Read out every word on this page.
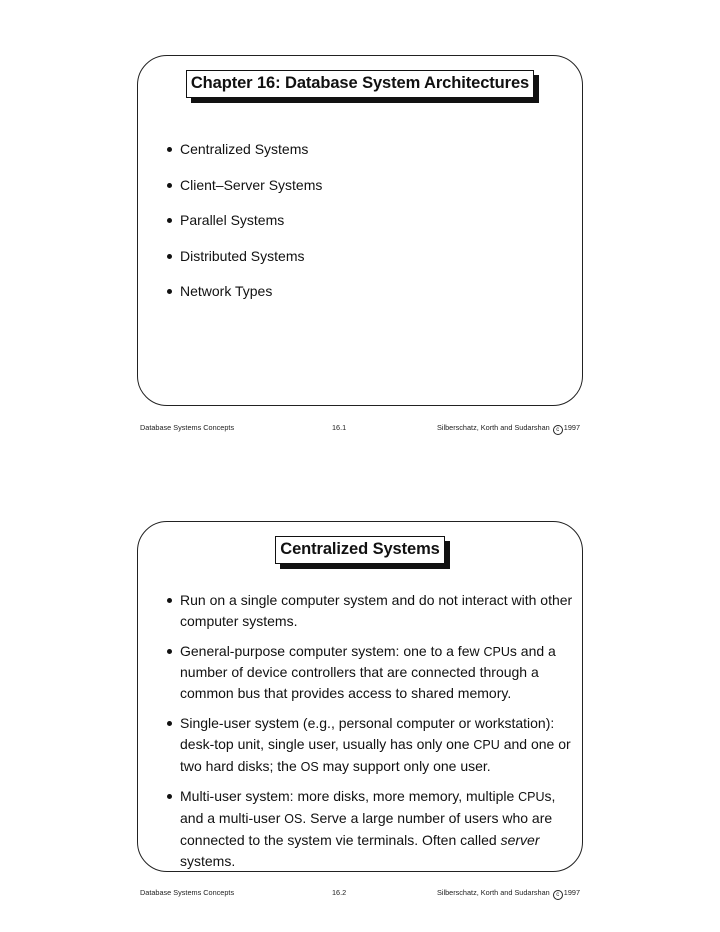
Chapter 16: Database System Architectures
Centralized Systems
Client–Server Systems
Parallel Systems
Distributed Systems
Network Types
Database Systems Concepts	16.1	Silberschatz, Korth and Sudarshan c 1997
Centralized Systems
Run on a single computer system and do not interact with other computer systems.
General-purpose computer system: one to a few CPUs and a number of device controllers that are connected through a common bus that provides access to shared memory.
Single-user system (e.g., personal computer or workstation): desk-top unit, single user, usually has only one CPU and one or two hard disks; the OS may support only one user.
Multi-user system: more disks, more memory, multiple CPUs, and a multi-user OS. Serve a large number of users who are connected to the system vie terminals. Often called server systems.
Database Systems Concepts	16.2	Silberschatz, Korth and Sudarshan c 1997
